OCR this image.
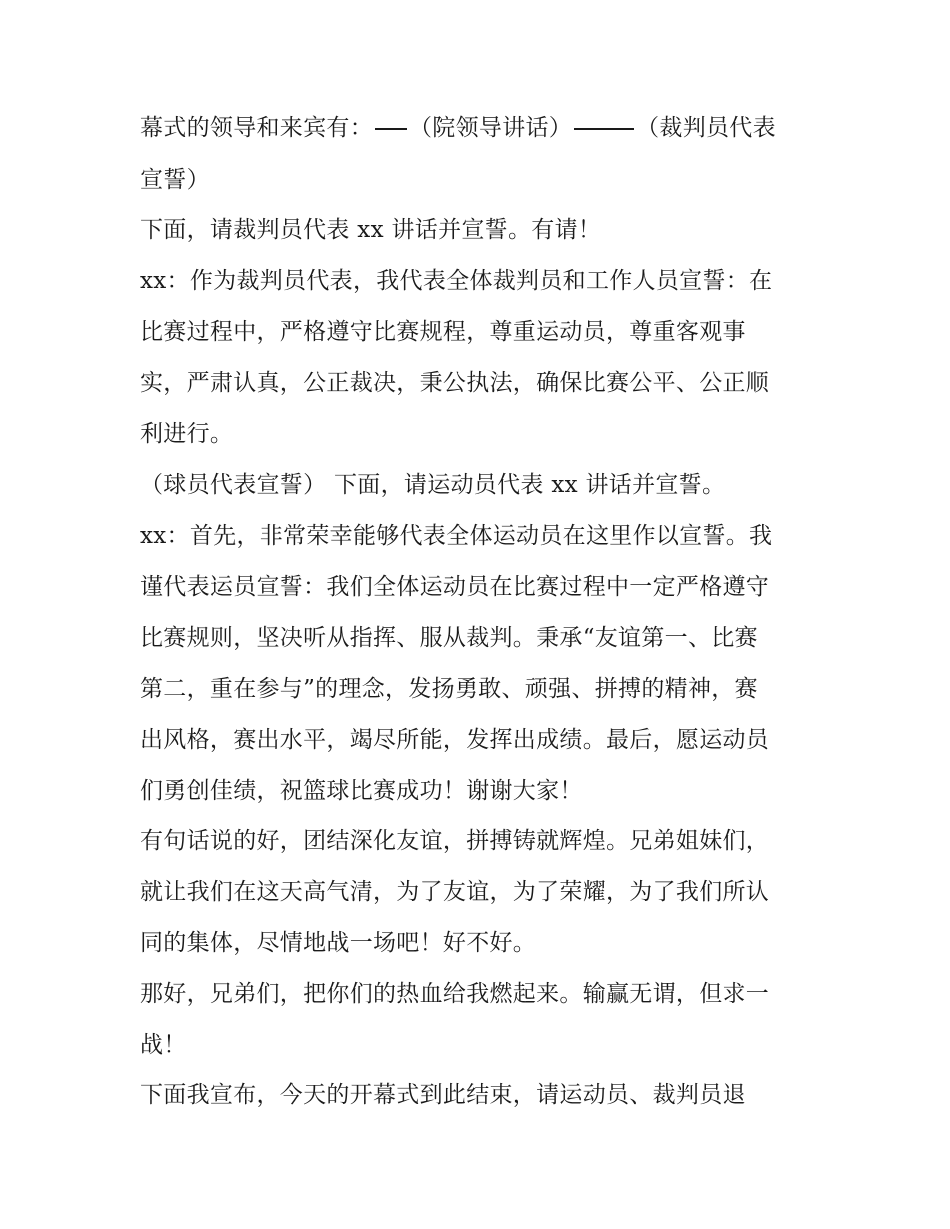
幕式的领导和来宾有： （院领导讲话）	（裁判员代表
宣誓）
下面，请裁判员代表 xx 讲话并宣誓。有请！
xx：作为裁判员代表，我代表全体裁判员和工作人员宣誓：在
比赛过程中，严格遵守比赛规程，尊重运动员，尊重客观事
实，严肃认真，公正裁决，秉公执法，确保比赛公平、公正顺
利进行。
（球员代表宣誓） 下面，请运动员代表 xx 讲话并宣誓。
xx：首先，非常荣幸能够代表全体运动员在这里作以宣誓。我
谨代表运员宣誓：我们全体运动员在比赛过程中一定严格遵守
比赛规则，坚决听从指挥、服从裁判。秉承“友谊第一、比赛
第二，重在参与”的理念，发扬勇敢、顽强、拼搏的精神，赛
出风格，赛出水平，竭尽所能，发挥出成绩。最后，愿运动员
们勇创佳绩，祝篮球比赛成功！谢谢大家！
有句话说的好，团结深化友谊，拼搏铸就辉煌。兄弟姐妹们，
就让我们在这天高气清，为了友谊，为了荣耀，为了我们所认
同的集体，尽情地战一场吧！好不好。
那好，兄弟们，把你们的热血给我燃起来。输赢无谓，但求一
战！
下面我宣布，今天的开幕式到此结束，请运动员、裁判员退
